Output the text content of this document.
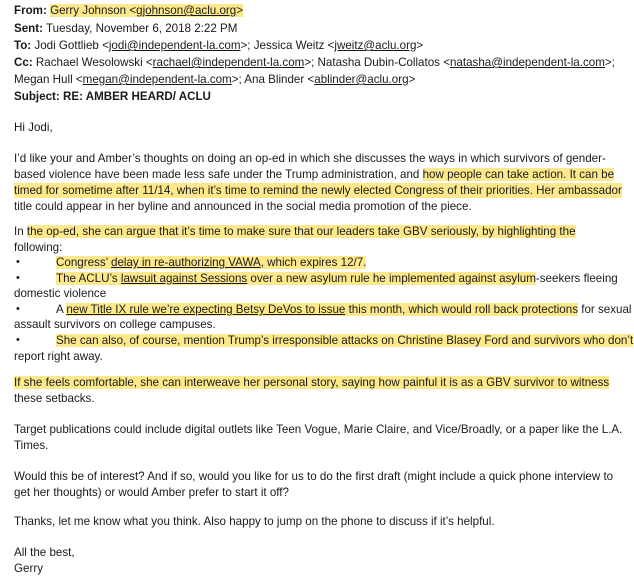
From: Gerry Johnson <gjohnson@aclu.org>
Sent: Tuesday, November 6, 2018 2:22 PM
To: Jodi Gottlieb <jodi@independent-la.com>; Jessica Weitz <jweitz@aclu.org>
Cc: Rachael Wesolowski <rachael@independent-la.com>; Natasha Dubin-Collatos <natasha@independent-la.com>;
Megan Hull <megan@independent-la.com>; Ana Blinder <ablinder@aclu.org>
Subject: RE: AMBER HEARD/ ACLU
Hi Jodi,
I’d like your and Amber’s thoughts on doing an op-ed in which she discusses the ways in which survivors of gender-
based violence have been made less safe under the Trump administration, and how people can take action. It can be
timed for sometime after 11/14, when it’s time to remind the newly elected Congress of their priorities. Her ambassador
title could appear in her byline and announced in the social media promotion of the piece.
In the op-ed, she can argue that it’s time to make sure that our leaders take GBV seriously, by highlighting the
following:
•	Congress’ delay in re-authorizing VAWA, which expires 12/7.
•	The ACLU’s lawsuit against Sessions over a new asylum rule he implemented against asylum-seekers fleeing
domestic violence
•	A new Title IX rule we’re expecting Betsy DeVos to issue this month, which would roll back protections for sexual
assault survivors on college campuses.
•	She can also, of course, mention Trump’s irresponsible attacks on Christine Blasey Ford and survivors who don’t
report right away.
If she feels comfortable, she can interweave her personal story, saying how painful it is as a GBV survivor to witness
these setbacks.
Target publications could include digital outlets like Teen Vogue, Marie Claire, and Vice/Broadly, or a paper like the L.A.
Times.
Would this be of interest? And if so, would you like for us to do the first draft (might include a quick phone interview to
get her thoughts) or would Amber prefer to start it off?
Thanks, let me know what you think. Also happy to jump on the phone to discuss if it’s helpful.
All the best,
Gerry
